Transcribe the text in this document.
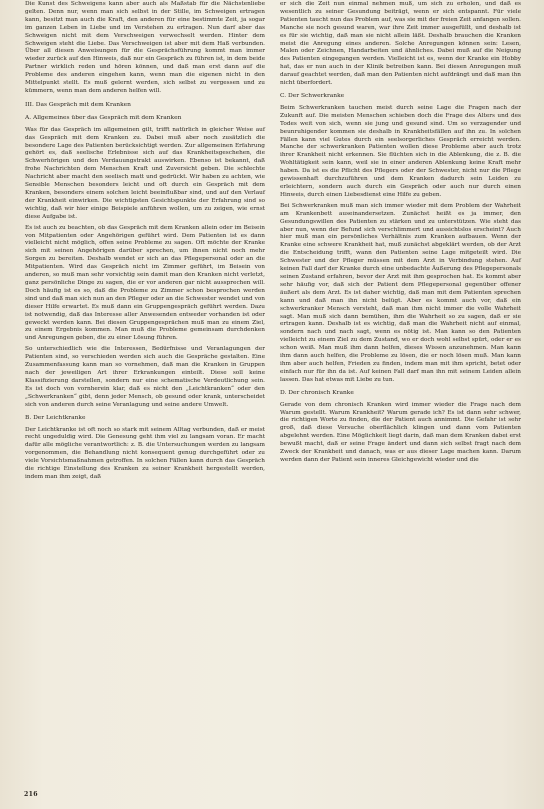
Die Kunst des Schweigens kann aber auch als Maßstab für die Nächstenliebe gelten. Denn nur, wenn man sich selbst in der Stille, im Schweigen ertragen kann, besitzt man auch die Kraft, den anderen für eine bestimmte Zeit, ja sogar im ganzen Leben in Liebe und im Verstehen zu ertragen. Nun darf aber das Schweigen nicht mit dem Verschweigen verwechselt werden. Hinter dem Schweigen steht die Liebe. Das Verschweigen ist aber mit dem Haß verbunden. Über all diesen Anweisungen für die Gesprächsführung kommt man immer wieder zurück auf den Hinweis, daß nur ein Gespräch zu führen ist, in dem beide Partner wirklich reden und hören können, und daß man erst dann auf die Probleme des anderen eingehen kann, wenn man die eigenen nicht in den Mittelpunkt stellt. Es muß gelernt werden, sich selbst zu vergessen und zu kümmern, wenn man dem anderen helfen will.

III. Das Gespräch mit dem Kranken
A. Allgemeines über das Gespräch mit dem Kranken

Was für das Gespräch im allgemeinen gilt, trifft natürlich in gleicher Weise auf das Gespräch mit dem Kranken zu. Dabei muß aber noch zusätzlich die besondere Lage des Patienten berücksichtigt werden. Zur allgemeinen Erfahrung gehört es, daß seelische Erlebnisse sich auf das Krankheitsgeschehen, die Schwerhörigen und den Verdauungstrakt auswirken. Ebenso ist bekannt, daß frohe Nachrichten dem Menschen Kraft und Zuversicht geben. Die schlechte Nachricht aber macht den seelisch matt und gedrückt. Wir haben zu achten, wie Sensible Menschen besonders leicht und oft durch ein Gespräch mit dem Kranken, besonders einem solchen leicht beeinflußbar sind, und auf den Verlauf der Krankheit einwirken. Die wichtigsten Gesichtspunkte der Erfahrung sind so wichtig, daß wir hier einige Beispiele anführen wollen, um zu zeigen, wie ernst diese Aufgabe ist.

Es ist auch zu beachten, ob das Gespräch mit dem Kranken allein oder im Beisein von Mitpatienten oder Angehörigen geführt wird. Dem Patienten ist es dann vielleicht nicht möglich, offen seine Probleme zu sagen. Oft möchte der Kranke sich mit seinen Angehörigen darüber sprechen, um ihnen nicht noch mehr Sorgen zu bereiten. Deshalb wendet er sich an das Pflegepersonal oder an die Mitpatienten. Wird das Gespräch nicht im Zimmer geführt, im Beisein von anderen, so muß man sehr vorsichtig sein damit man den Kranken nicht verletzt, ganz persönliche Dinge zu sagen, die er vor anderen gar nicht aussprechen will. Doch häufig ist es so, daß die Probleme zu Zimmer schon besprochen werden sind und daß man sich nun an den Pfleger oder an die Schwester wendet und von dieser Hilfe erwartet. Es muß dann ein Gruppengespräch geführt werden. Dazu ist notwendig, daß das Interesse aller Anwesenden entweder vorhanden ist oder geweckt werden kann. Bei diesen Gruppengesprächen muß man zu einem Ziel, zu einem Ergebnis kommen. Man muß die Probleme gemeinsam durchdenken und Anregungen geben, die zu einer Lösung führen.

So unterschiedlich wie die Interessen, Bedürfnisse und Veranlagungen der Patienten sind, so verschieden werden sich auch die Gespräche gestalten. Eine Zusammenfassung kann man so vornehmen, daß man die Kranken in Gruppen nach der jeweiligen Art ihrer Erkrankungen einteilt. Diese soll keine Klassifizierung darstellen, sondern nur eine schematische Verdeutlichung sein. Es ist doch von vornherein klar, daß es nicht den „Leichtkranken“ oder den „Schwerkranken“ gibt, denn jeder Mensch, ob gesund oder krank, unterscheidet sich von anderen durch seine Veranlagung und seine andere Umwelt.

B. Der Leichtkranke

Der Leichtkranke ist oft noch so stark mit seinem Alltag verbunden, daß er meist recht ungeduldig wird. Die Genesung geht ihm viel zu langsam voran. Er macht dafür alle mögliche verantwortlich: z. B. die Untersuchungen werden zu langsam vorgenommen, die Behandlung nicht konsequent genug durchgeführt oder zu viele Vorsichtsmaßnahmen getroffen. In solchen Fällen kann durch das Gespräch die richtige Einstellung des Kranken zu seiner Krankheit hergestellt werden, indem man ihm zeigt, daß

er sich die Zeit nun einmal nehmen muß, um sich zu erholen, und daß es wesentlich zu seiner Gesundung beiträgt, wenn er sich entspannt. Für viele Patienten taucht nun das Problem auf, was sie mit der freien Zeit anfangen sollen. Manche sie noch gesund waren, war ihre Zeit immer ausgefüllt, und deshalb ist es für sie wichtig, daß man sie nicht allein läßt. Deshalb brauchen die Kranken meist die Anregung eines anderen. Solche Anregungen können sein: Lesen, Malen oder Zeichnen, Handarbeiten und ähnliches. Dabei muß auf die Neigung des Patienten eingegangen werden. Vielleicht ist es, wenn der Kranke ein Hobby hat, das er nun auch in der Klinik betreiben kann. Bei diesen Anregungen muß darauf geachtet werden, daß man den Patienten nicht aufdrängt und daß man ihn nicht überfordert.

C. Der Schwerkranke

Beim Schwerkranken tauchen meist durch seine Lage die Fragen nach der Zukunft auf. Die meisten Menschen schieben doch die Frage des Alters und des Todes weit von sich, wenn sie jung und gesund sind. Um so verzagender und beunruhigender kommen sie deshalb in Krankheitsfällen auf ihn zu. In solchen Fällen kann viel Gutes durch ein seelsorgerliches Gespräch erreicht werden. Manche der schwerkranken Patienten wollen diese Probleme aber auch trotz ihrer Krankheit nicht erkennen. Sie flüchten sich in die Ablenkung, die z. B. die Wohltätigkeit sein kann, weil sie in einer anderen Ablenkung keine Kraft mehr haben. Da ist es die Pflicht des Pflegers oder der Schwester, nicht nur die Pflege gewissenhaft durchzuführen und dem Kranken dadurch sein Leiden zu erleichtern, sondern auch durch ein Gespräch oder auch nur durch einen Hinweis, durch einen Liebesdienst eine Hilfe zu geben.

Bei Schwerkranken muß man sich immer wieder mit dem Problem der Wahrheit am Krankenbett auseinandersetzen. Zunächst heißt es ja immer, den Gesundungswillen des Patienten zu stärken und zu unterstützen. Wie steht das aber nun, wenn der Befund sich verschlimmert und aussichtslos erscheint? Auch hier muß man ein persönliches Verhältnis zum Kranken aufbauen. Wenn der Kranke eine schwere Krankheit hat, muß zunächst abgeklärt werden, ob der Arzt die Entscheidung trifft, wann den Patienten seine Lage mitgeteilt wird. Die Schwester und der Pfleger müssen mit dem Arzt in Verbindung stehen. Auf keinen Fall darf der Kranke durch eine unbedachte Äußerung des Pflegepersonals seinen Zustand erfahren, bevor der Arzt mit ihm gesprochen hat. Es kommt aber sehr häufig vor, daß sich der Patient dem Pflegepersonal gegenüber offener äußert als dem Arzt. Es ist daher wichtig, daß man mit dem Patienten sprechen kann und daß man ihn nicht belügt. Aber es kommt auch vor, daß ein schwerkranker Mensch versteht, daß man ihm nicht immer die volle Wahrheit sagt. Man muß sich dann bemühen, ihm die Wahrheit so zu sagen, daß er sie ertragen kann. Deshalb ist es wichtig, daß man die Wahrheit nicht auf einmal, sondern nach und nach sagt, wenn es nötig ist. Man kann so den Patienten vielleicht zu einem Ziel zu dem Zustand, wo er doch wohl selbst spürt, oder er es schon weiß. Man muß ihm dann helfen, dieses Wissen anzunehmen. Man kann ihm dann auch helfen, die Probleme zu lösen, die er noch lösen muß. Man kann ihm aber auch helfen, Frieden zu finden, indem man mit ihm spricht, betet oder einfach nur für ihn da ist. Auf keinen Fall darf man ihn mit seinem Leiden allein lassen. Das hat etwas mit Liebe zu tun.

D. Der chronisch Kranke

Gerade von dem chronisch Kranken wird immer wieder die Frage nach dem Warum gestellt. Warum Krankheit? Warum gerade ich? Es ist dann sehr schwer, die richtigen Worte zu finden, die der Patient auch annimmt. Die Gefahr ist sehr groß, daß diese Versuche oberflächlich klingen und dann vom Patienten abgelehnt werden. Eine Möglichkeit liegt darin, daß man dem Kranken dabei erst bewußt macht, daß er seine Frage ändert und dann sich selbst fragt nach dem Zweck der Krankheit und danach, was er aus dieser Lage machen kann. Darum werden dann der Patient sein inneres Gleichgewicht wieder und die

216
